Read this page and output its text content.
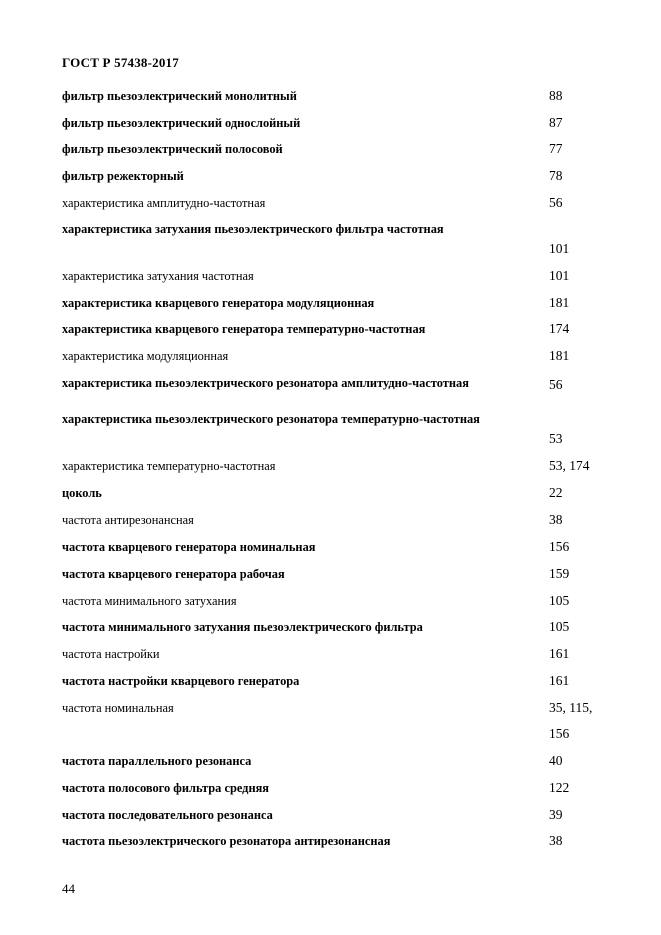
ГОСТ Р 57438-2017
фильтр пьезоэлектрический монолитный	88
фильтр пьезоэлектрический однослойный	87
фильтр пьезоэлектрический полосовой	77
фильтр режекторный	78
характеристика амплитудно-частотная	56
характеристика затухания пьезоэлектрического фильтра частотная
101
характеристика затухания частотная	101
характеристика кварцевого генератора модуляционная	181
характеристика кварцевого генератора температурно-частотная	174
характеристика модуляционная	181
характеристика пьезоэлектрического резонатора амплитудно-частотная	56
характеристика пьезоэлектрического резонатора температурно-частотная
53
характеристика температурно-частотная	53, 174
цоколь	22
частота антирезонансная	38
частота кварцевого генератора номинальная	156
частота кварцевого генератора рабочая	159
частота минимального затухания	105
частота минимального затухания пьезоэлектрического фильтра	105
частота настройки	161
частота настройки кварцевого генератора	161
частота номинальная	35, 115,
156
частота параллельного резонанса	40
частота полосового фильтра средняя	122
частота последовательного резонанса	39
частота пьезоэлектрического резонатора антирезонансная	38
44
